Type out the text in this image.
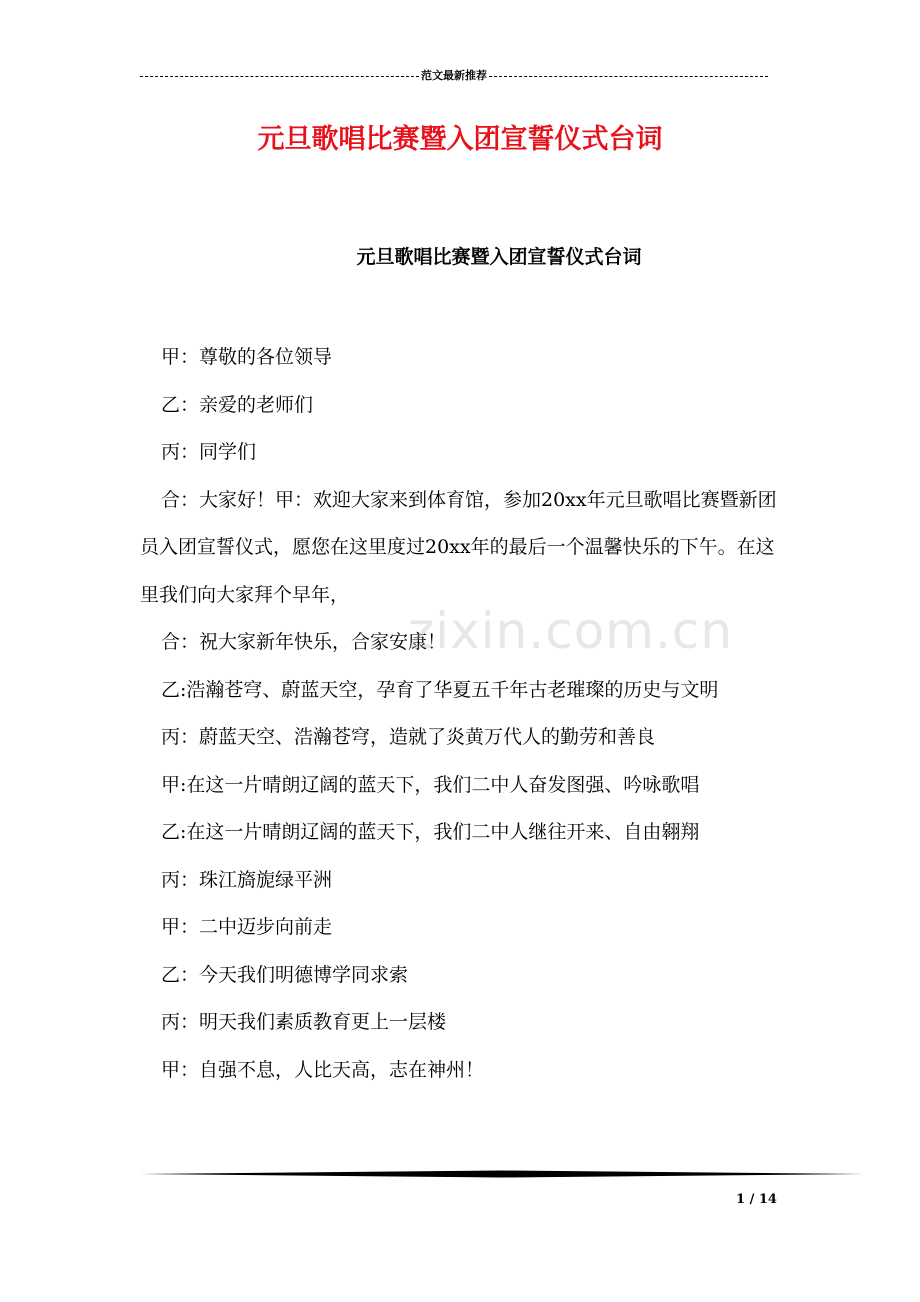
范文最新推荐
元旦歌唱比赛暨入团宣誓仪式台词
元旦歌唱比赛暨入团宣誓仪式台词

甲：尊敬的各位领导

乙：亲爱的老师们

丙：同学们

合：大家好！甲：欢迎大家来到体育馆，参加20xx年元旦歌唱比赛暨新团员入团宣誓仪式，愿您在这里度过20xx年的最后一个温馨快乐的下午。在这里我们向大家拜个早年，

合：祝大家新年快乐，合家安康！

乙:浩瀚苍穹、蔚蓝天空，孕育了华夏五千年古老璀璨的历史与文明

丙：蔚蓝天空、浩瀚苍穹，造就了炎黄万代人的勤劳和善良

甲:在这一片晴朗辽阔的蓝天下，我们二中人奋发图强、吟咏歌唱

乙:在这一片晴朗辽阔的蓝天下，我们二中人继往开来、自由翱翔

丙：珠江旖旎绿平洲

甲：二中迈步向前走

乙：今天我们明德博学同求索

丙：明天我们素质教育更上一层楼

甲：自强不息，人比天高，志在神州！

zixin.com.cn
1 / 14
